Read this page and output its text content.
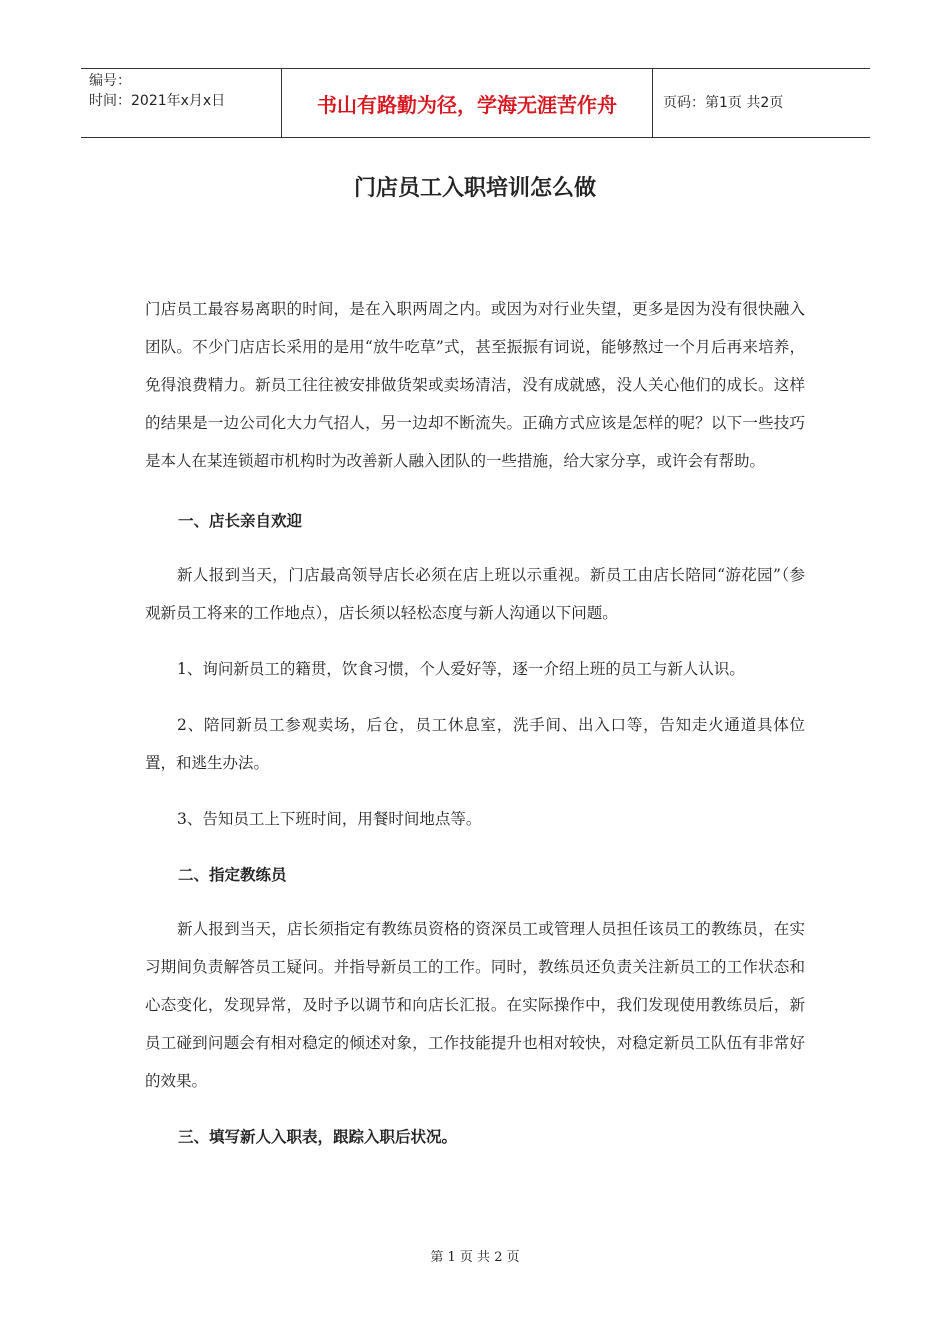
编号：
时间：2021年x月x日	书山有路勤为径，学海无涯苦作舟	页码：第1页 共2页
门店员工入职培训怎么做

门店员工最容易离职的时间，是在入职两周之内。或因为对行业失望，更多是因为没有很快融入团队。不少门店店长采用的是用“放牛吃草”式，甚至振振有词说，能够熬过一个月后再来培养，免得浪费精力。新员工往往被安排做货架或卖场清洁，没有成就感，没人关心他们的成长。这样的结果是一边公司化大力气招人，另一边却不断流失。正确方式应该是怎样的呢？以下一些技巧是本人在某连锁超市机构时为改善新人融入团队的一些措施，给大家分享，或许会有帮助。

一、店长亲自欢迎

新人报到当天，门店最高领导店长必须在店上班以示重视。新员工由店长陪同“游花园”（参观新员工将来的工作地点），店长须以轻松态度与新人沟通以下问题。

1、询问新员工的籍贯，饮食习惯，个人爱好等，逐一介绍上班的员工与新人认识。

2、陪同新员工参观卖场，后仓，员工休息室，洗手间、出入口等，告知走火通道具体位置，和逃生办法。

3、告知员工上下班时间，用餐时间地点等。

二、指定教练员

新人报到当天，店长须指定有教练员资格的资深员工或管理人员担任该员工的教练员，在实习期间负责解答员工疑问。并指导新员工的工作。同时，教练员还负责关注新员工的工作状态和心态变化，发现异常，及时予以调节和向店长汇报。在实际操作中，我们发现使用教练员后，新员工碰到问题会有相对稳定的倾述对象，工作技能提升也相对较快，对稳定新员工队伍有非常好的效果。

三、填写新人入职表，跟踪入职后状况。

第 1 页 共 2 页
